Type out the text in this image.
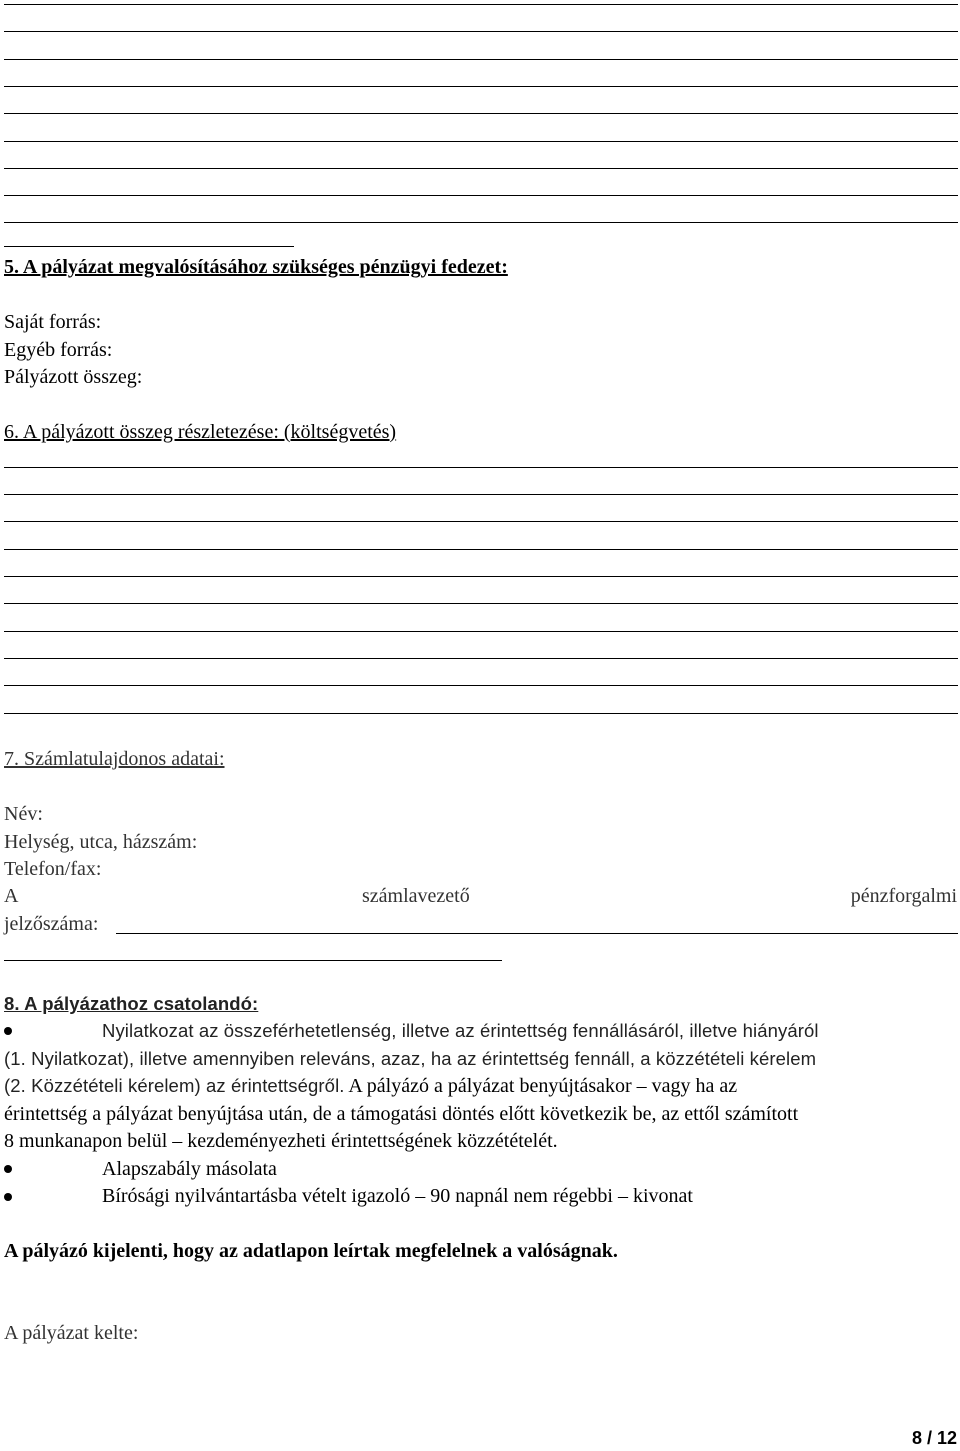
5. A pályázat megvalósításához szükséges pénzügyi fedezet:
Saját forrás:
Egyéb forrás:
Pályázott összeg:
6. A pályázott összeg részletezése: (költségvetés)
7. Számlatulajdonos adatai:
Név:
Helység, utca, házszám:
Telefon/fax:
A	számlavezető	pénzforgalmi
jelzőszáma:
8. A pályázathoz csatolandó:
Nyilatkozat az összeférhetetlenség, illetve az érintettség fennállásáról, illetve hiányáról
(1. Nyilatkozat), illetve amennyiben releváns, azaz, ha az érintettség fennáll, a közzétételi kérelem
(2. Közzétételi kérelem) az érintettségről. A pályázó a pályázat benyújtásakor – vagy ha az
érintettség a pályázat benyújtása után, de a támogatási döntés előtt következik be, az ettől számított
8 munkanapon belül – kezdeményezheti érintettségének közzétételét.
Alapszabály másolata
Bírósági nyilvántartásba vételt igazoló – 90 napnál nem régebbi – kivonat
A pályázó kijelenti, hogy az adatlapon leírtak megfelelnek a valóságnak.
A pályázat kelte:
8 / 12
